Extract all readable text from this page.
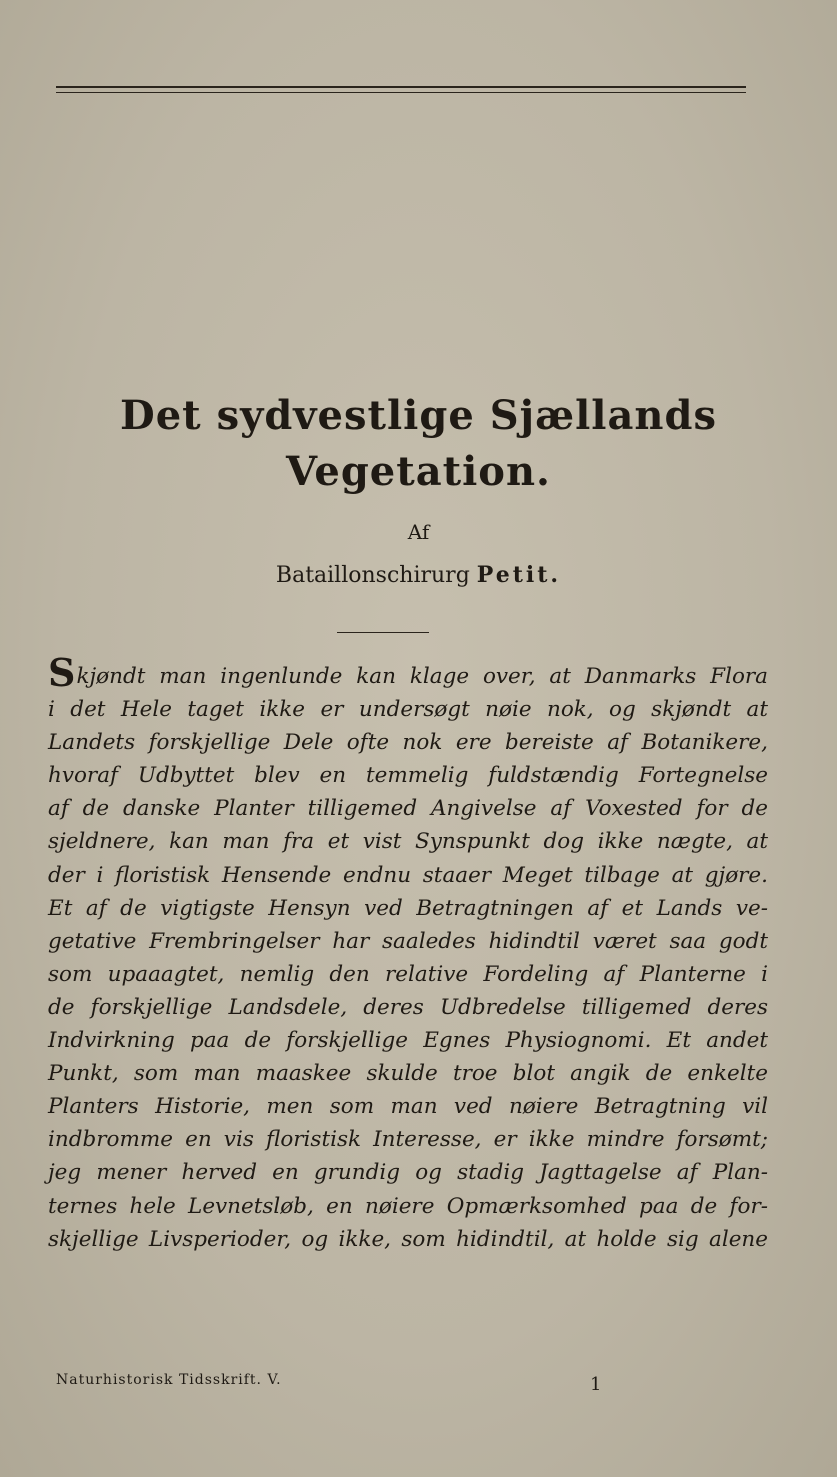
Det sydvestlige Sjællands
Vegetation.
Af
Bataillonschirurg Petit.
Skjøndt man ingenlunde kan klage over, at Danmarks Flora
i det Hele taget ikke er undersøgt nøie nok, og skjøndt at
Landets forskjellige Dele ofte nok ere bereiste af Botanikere,
hvoraf Udbyttet blev en temmelig fuldstændig Fortegnelse
af de danske Planter tilligemed Angivelse af Voxested for de
sjeldnere, kan man fra et vist Synspunkt dog ikke nægte, at
der i floristisk Hensende endnu staaer Meget tilbage at gjøre.
Et af de vigtigste Hensyn ved Betragtningen af et Lands ve-
getative Frembringelser har saaledes hidindtil været saa godt
som upaaagtet, nemlig den relative Fordeling af Planterne i
de forskjellige Landsdele, deres Udbredelse tilligemed deres
Indvirkning paa de forskjellige Egnes Physiognomi. Et andet
Punkt, som man maaskee skulde troe blot angik de enkelte
Planters Historie, men som man ved nøiere Betragtning vil
indbromme en vis floristisk Interesse, er ikke mindre forsømt;
jeg mener herved en grundig og stadig Jagttagelse af Plan-
ternes hele Levnetsløb, en nøiere Opmærksomhed paa de for-
skjellige Livsperioder, og ikke, som hidindtil, at holde sig alene
Naturhistorisk Tidsskrift. V.	1
